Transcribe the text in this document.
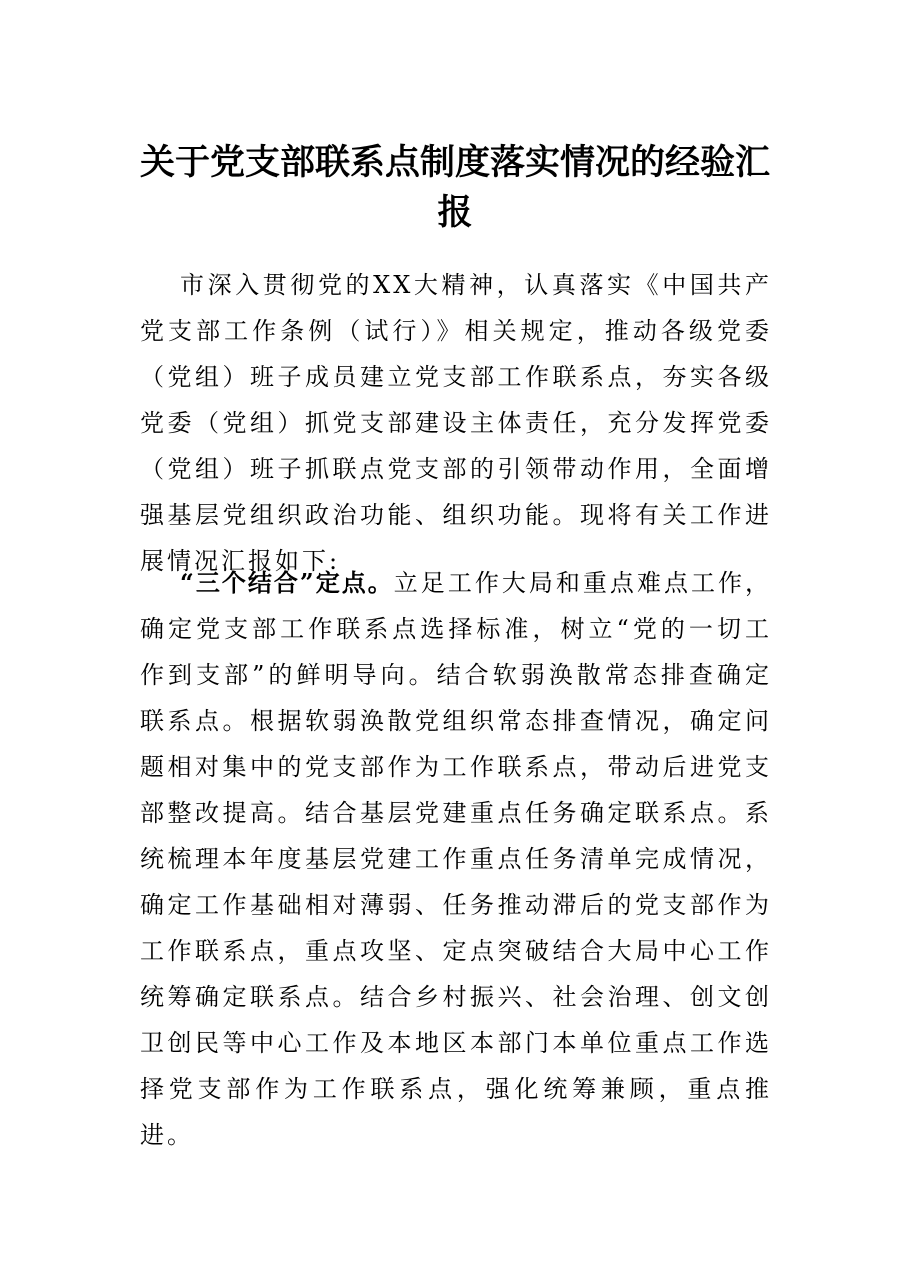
关于党支部联系点制度落实情况的经验汇报

市深入贯彻党的XX大精神，认真落实《中国共产党支部工作条例（试行）》相关规定，推动各级党委（党组）班子成员建立党支部工作联系点，夯实各级党委（党组）抓党支部建设主体责任，充分发挥党委（党组）班子抓联点党支部的引领带动作用，全面增强基层党组织政治功能、组织功能。现将有关工作进展情况汇报如下:

“三个结合”定点。立足工作大局和重点难点工作，确定党支部工作联系点选择标准，树立“党的一切工作到支部”的鲜明导向。结合软弱涣散常态排查确定联系点。根据软弱涣散党组织常态排查情况，确定问题相对集中的党支部作为工作联系点，带动后进党支部整改提高。结合基层党建重点任务确定联系点。系统梳理本年度基层党建工作重点任务清单完成情况，确定工作基础相对薄弱、任务推动滞后的党支部作为工作联系点，重点攻坚、定点突破结合大局中心工作统筹确定联系点。结合乡村振兴、社会治理、创文创卫创民等中心工作及本地区本部门本单位重点工作选择党支部作为工作联系点，强化统筹兼顾，重点推进。
